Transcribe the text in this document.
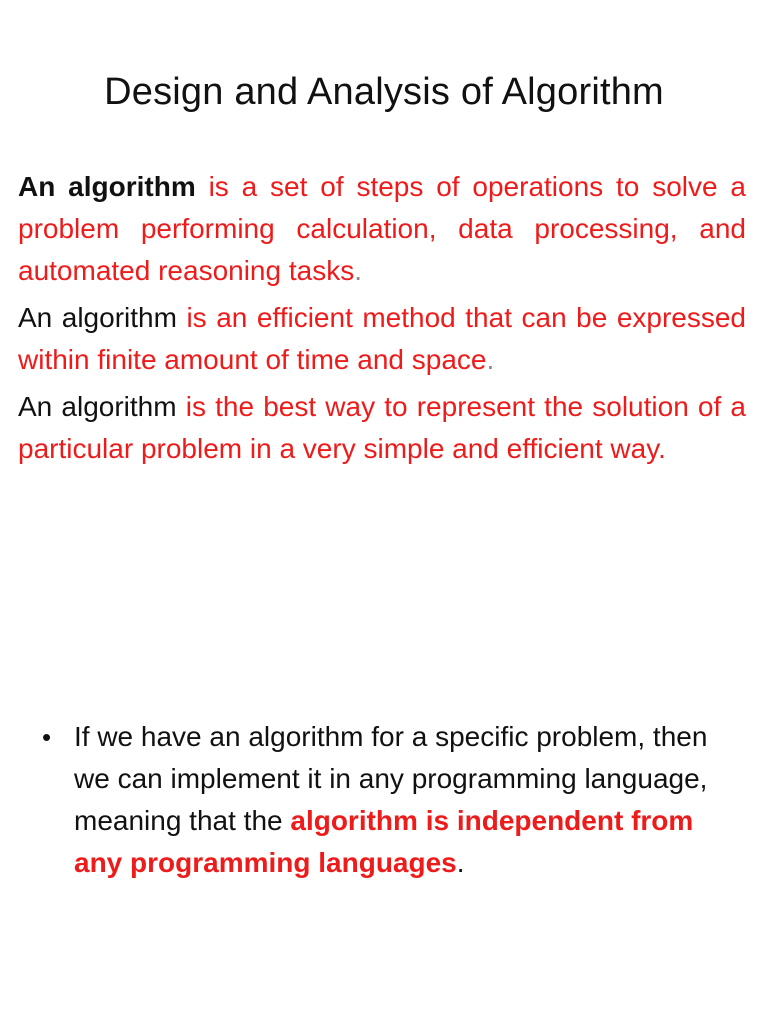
Design and Analysis of Algorithm

An algorithm is a set of steps of operations to solve a problem performing calculation, data processing, and automated reasoning tasks.

An algorithm is an efficient method that can be expressed within finite amount of time and space.

An algorithm is the best way to represent the solution of a particular problem in a very simple and efficient way.

• If we have an algorithm for a specific problem, then we can implement it in any programming language, meaning that the algorithm is independent from any programming languages.
